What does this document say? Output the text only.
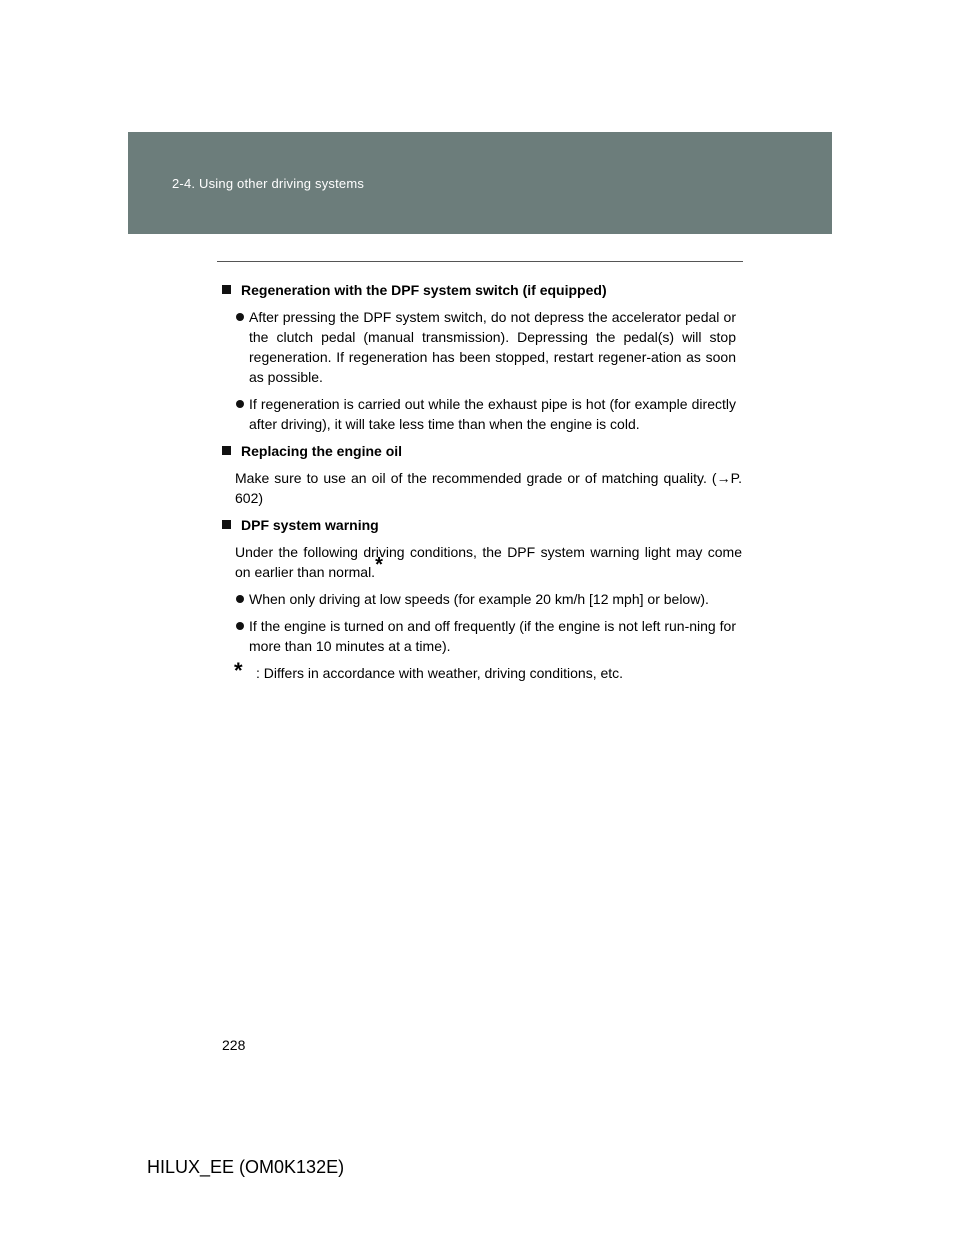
2-4. Using other driving systems
Regeneration with the DPF system switch (if equipped)
After pressing the DPF system switch, do not depress the accelerator pedal or the clutch pedal (manual transmission). Depressing the pedal(s) will stop regeneration. If regeneration has been stopped, restart regener-ation as soon as possible.
If regeneration is carried out while the exhaust pipe is hot (for example directly after driving), it will take less time than when the engine is cold.
Replacing the engine oil
Make sure to use an oil of the recommended grade or of matching quality. (→P. 602)
DPF system warning
Under the following driving conditions, the DPF system warning light may come on earlier than normal.*
When only driving at low speeds (for example 20 km/h [12 mph] or below).
If the engine is turned on and off frequently (if the engine is not left run-ning for more than 10 minutes at a time).
* : Differs in accordance with weather, driving conditions, etc.
228
HILUX_EE (OM0K132E)
